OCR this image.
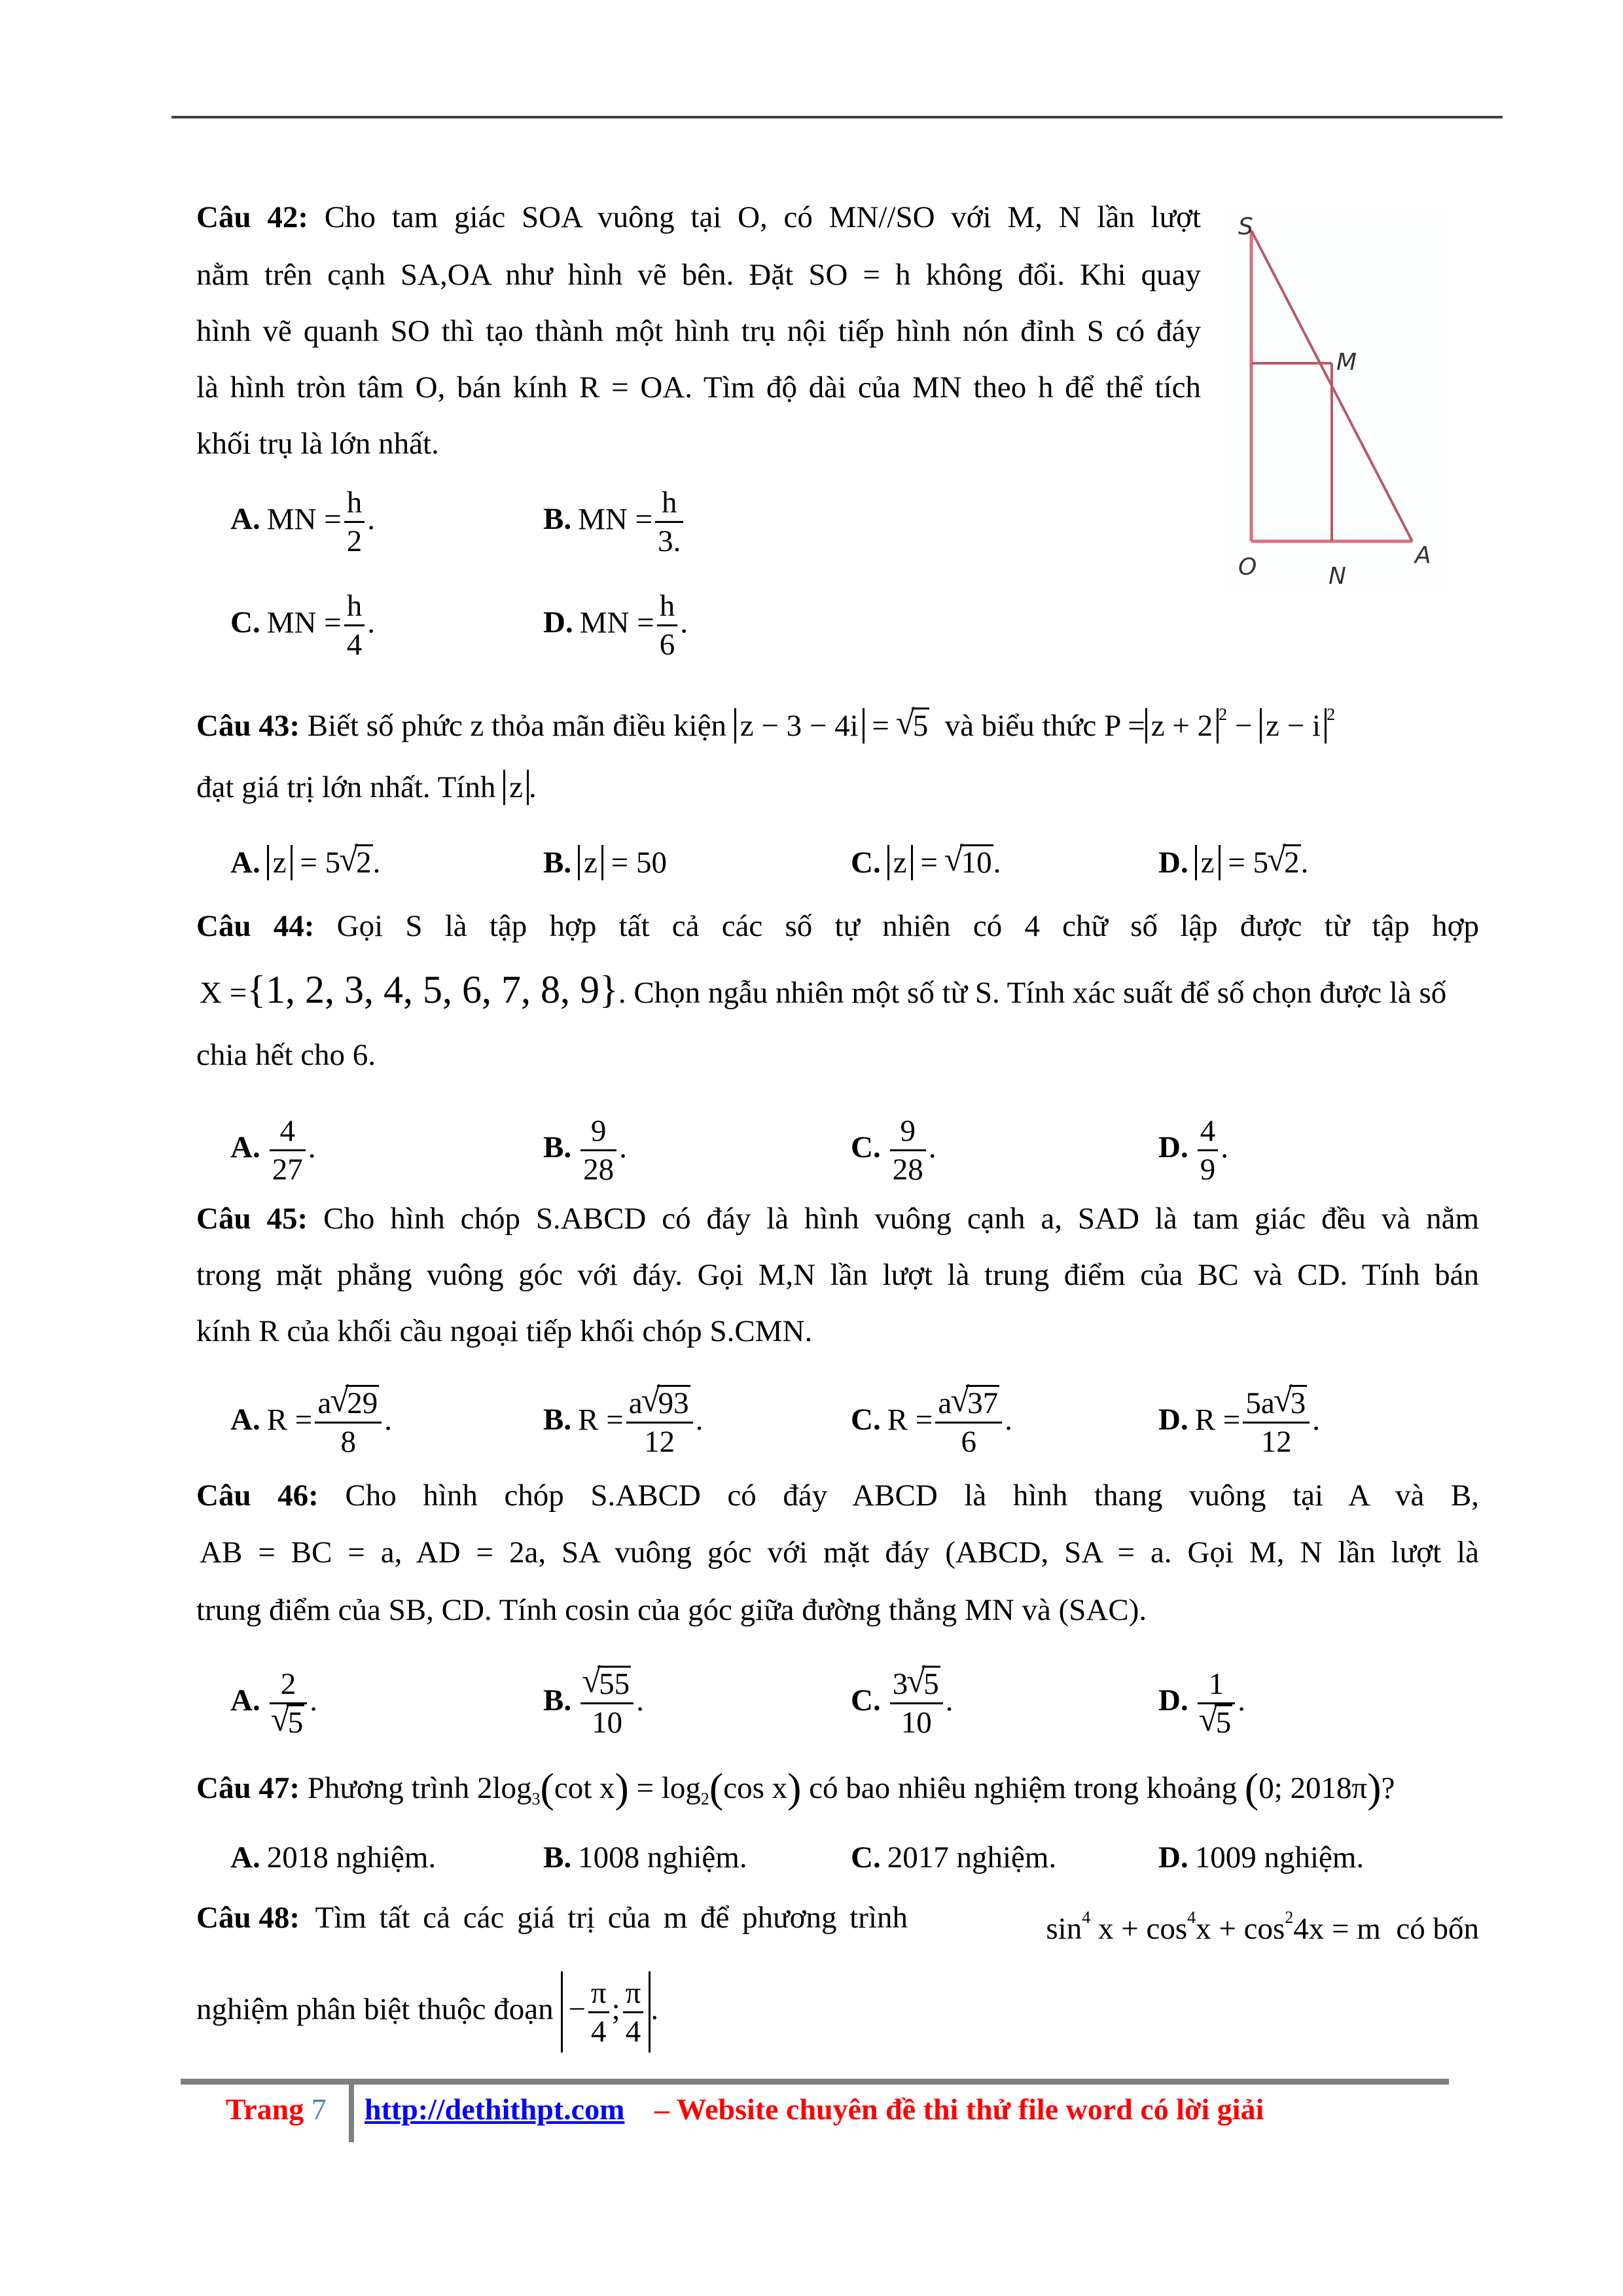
Câu 42: Cho tam giác SOA vuông tại O, có MN//SO với M, N lần lượt
nằm trên cạnh SA,OA như hình vẽ bên. Đặt SO = h không đổi. Khi quay
hình vẽ quanh SO thì tạo thành một hình trụ nội tiếp hình nón đỉnh S có đáy
là hình tròn tâm O, bán kính R = OA. Tìm độ dài của MN theo h để thể tích
khối trụ là lớn nhất.
A. MN = $\frac{h}{2}$ .	B. MN = $\frac{h}{3.}$
C. MN = $\frac{h}{4}$ .	D. MN = $\frac{h}{6}$ .
S
M
O	N
A
Câu 43: Biết số phức z thỏa mãn điều kiện z − 3 − 4i = √ 5 và biểu thức P = z + 2 $^2$ − z − i $^2$
đạt giá trị lớn nhất. Tính z .
A. z = 5 √ 2.	B. z = 50	C. z = √ 10.	D. z = 5 √ 2.
Câu 44: Gọi S là tập hợp tất cả các số tự nhiên có 4 chữ số lập được từ tập hợp
X ={1, 2, 3, 4, 5, 6, 7, 8, 9}. Chọn ngẫu nhiên một số từ S. Tính xác suất để số chọn được là số
chia hết cho 6.
A. $\frac{4}{27}$ .	B. $\frac{9}{28}$ .	C. $\frac{9}{28}$ .	D. $\frac{4}{9}$ .
Câu 45: Cho hình chóp S.ABCD có đáy là hình vuông cạnh a, SAD là tam giác đều và nằm
trong mặt phẳng vuông góc với đáy. Gọi M,N lần lượt là trung điểm của BC và CD. Tính bán
kính R của khối cầu ngoại tiếp khối chóp S.CMN.
A. $R = \frac{a √ 29}{8}$ .	B. $R = \frac{a √ 93}{12}$ .	C. $R = \frac{a √ 37}{6}$ .	D. $R = \frac{5a √ 3}{12}$ .
Câu 46: Cho hình chóp S.ABCD có đáy ABCD là hình thang vuông tại A và B,
AB = BC = a, AD = 2a, SA vuông góc với mặt đáy (ABCD, SA = a. Gọi M, N lần lượt là
trung điểm của SB, CD. Tính cosin của góc giữa đường thẳng MN và (SAC).
A. 2
√ 5 .	B. √ $\frac{55}{10}$ .	C. $\frac{3 √ 5}{10}$ .	D. 1
√ 5 .
Câu 47: Phương trình $2\log_3(\cot$ $x) = \log_2(\cos$ x) có bao nhiêu nghiệm trong khoảng (0; 2018π)?
A. 2018 nghiệm.	B. 1008 nghiệm.	C. 2017 nghiệm.	D. 1009 nghiệm.
Câu 48: Tìm tất cả các giá trị của m để phương trình	$\sin^4 x + \cos^4x + \cos^24x = m$ có bốn
nghiệm phân biệt thuộc đoạn − $\frac{\pi}{4}$ ; $\frac{\pi}{4}$ .
Trang 7 http://dethithpt.com – Website chuyên đề thi thử file word có lời giải
